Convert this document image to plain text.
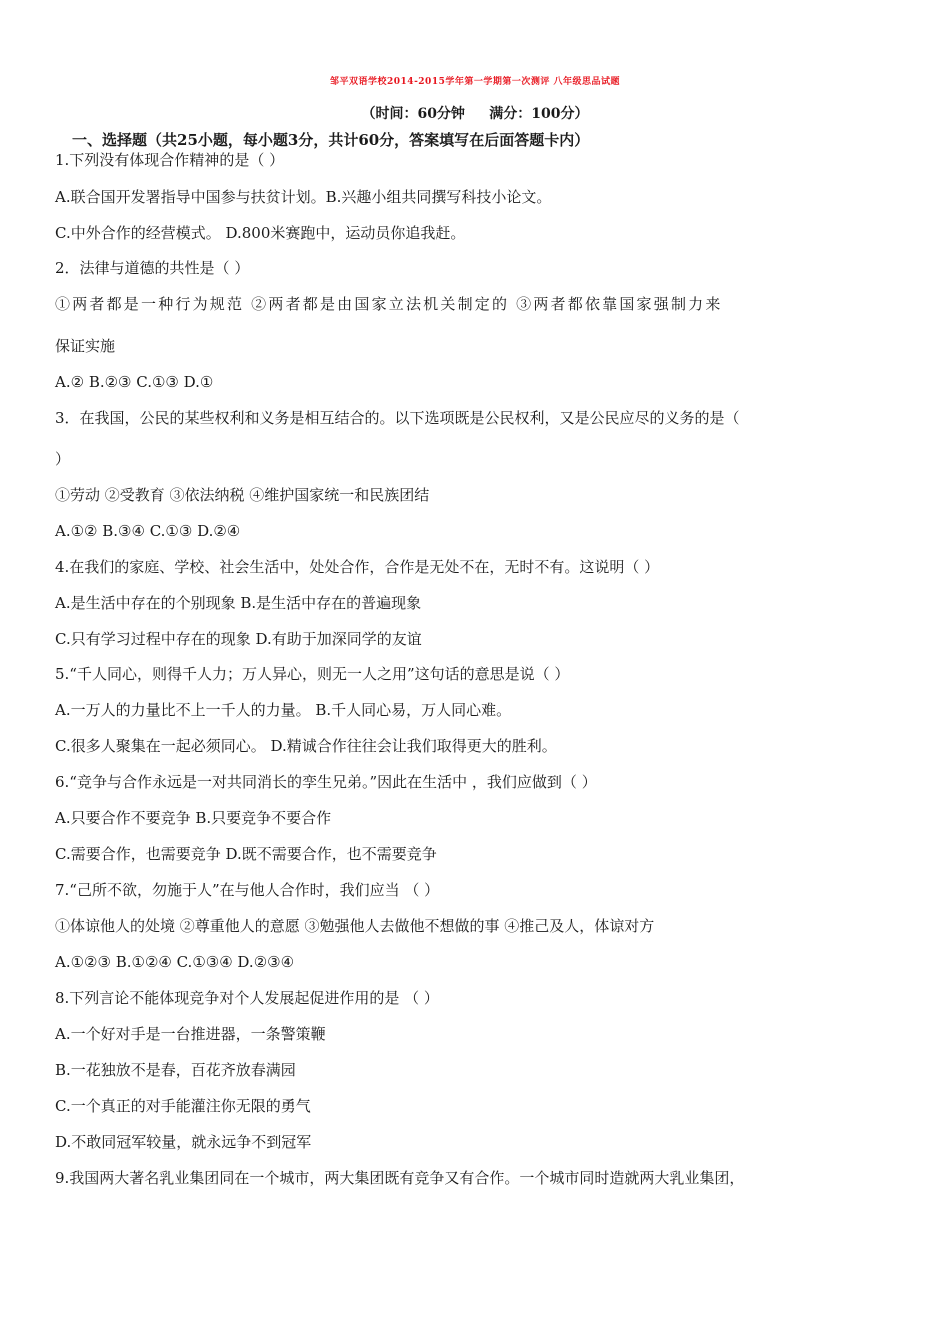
邹平双语学校2014-2015学年第一学期第一次测评 八年级思品试题
（时间：60分钟     满分：100分）
一、选择题（共25小题，每小题3分，共计60分，答案填写在后面答题卡内）
1.下列没有体现合作精神的是（ ）
A.联合国开发署指导中国参与扶贫计划。B.兴趣小组共同撰写科技小论文。
C.中外合作的经营模式。 D.800米赛跑中，运动员你追我赶。
2．法律与道德的共性是（ ）
①两者都是一种行为规范 ②两者都是由国家立法机关制定的 ③两者都依靠国家强制力来
保证实施
A.② B.②③ C.①③ D.①
3．在我国，公民的某些权利和义务是相互结合的。以下选项既是公民权利，又是公民应尽的义务的是（
）
①劳动 ②受教育 ③依法纳税 ④维护国家统一和民族团结
A.①② B.③④ C.①③ D.②④
4.在我们的家庭、学校、社会生活中，处处合作，合作是无处不在，无时不有。这说明（ ）
A.是生活中存在的个别现象 B.是生活中存在的普遍现象
C.只有学习过程中存在的现象 D.有助于加深同学的友谊
5.“千人同心，则得千人力；万人异心，则无一人之用”这句话的意思是说（ ）
A.一万人的力量比不上一千人的力量。 B.千人同心易，万人同心难。
C.很多人聚集在一起必须同心。 D.精诚合作往往会让我们取得更大的胜利。
6.“竞争与合作永远是一对共同消长的孪生兄弟。”因此在生活中 ，我们应做到（ ）
A.只要合作不要竞争 B.只要竞争不要合作
C.需要合作，也需要竞争 D.既不需要合作，也不需要竞争
7.“己所不欲，勿施于人”在与他人合作时，我们应当 （ ）
①体谅他人的处境 ②尊重他人的意愿 ③勉强他人去做他不想做的事 ④推己及人，体谅对方
A.①②③ B.①②④ C.①③④ D.②③④
8.下列言论不能体现竞争对个人发展起促进作用的是 （ ）
A.一个好对手是一台推进器，一条警策鞭
B.一花独放不是春，百花齐放春满园
C.一个真正的对手能灌注你无限的勇气
D.不敢同冠军较量，就永远争不到冠军
9.我国两大著名乳业集团同在一个城市，两大集团既有竞争又有合作。一个城市同时造就两大乳业集团，
